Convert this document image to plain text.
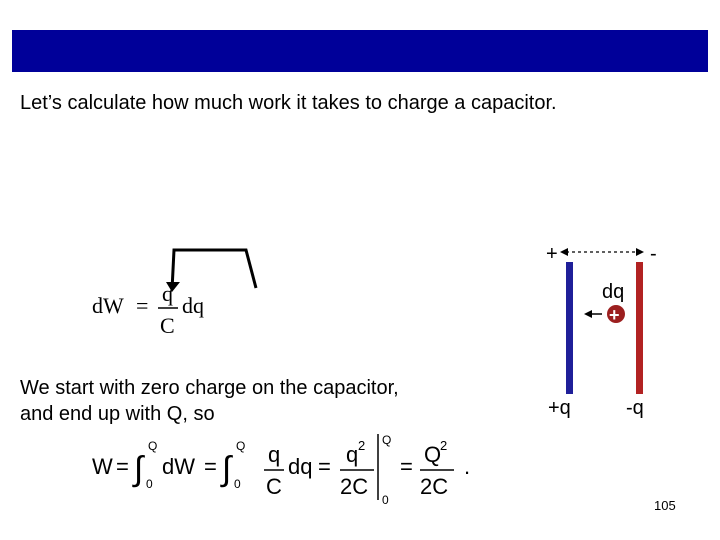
Let’s calculate how much work it takes to charge a capacitor.
dW = q
C
dq
We start with zero charge on the capacitor,
and end up with Q, so
W = ∫
Q
0
dW = ∫
Q
0
q
C
dq = q 2
2C
Q
0
= Q
2
2C
.
+	-
dq
+
+q	-q
105
